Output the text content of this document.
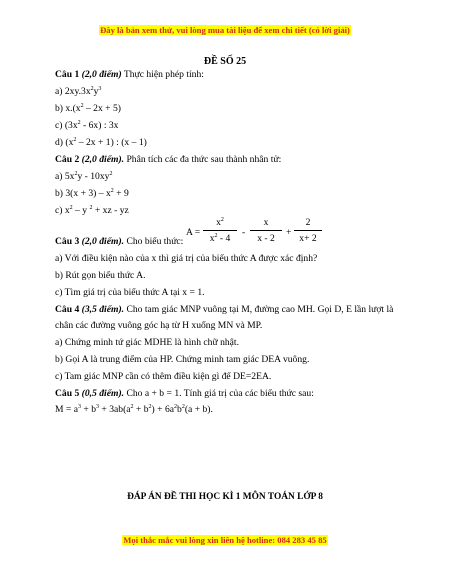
Đây là bản xem thử, vui lòng mua tài liệu để xem chi tiết (có lời giải)
ĐỀ SỐ 25
Câu 1 (2,0 điểm) Thực hiện phép tính:
a) $2xy.3x^2y^3$
b) $x.(x^2 - 2x + 5)$
c) $(3x^2 - 6x)$ : 3x
d) $(x^2 - 2x + 1)$ : (x – 1)
Câu 2 (2,0 điểm). Phân tích các đa thức sau thành nhân tử:
a) $5x^2y - 10xy^2$
b) $3(x + 3) - x^2 + 9$
c) $x^2$ – y $^2$ + xz - yz
A =
$x^2$
$x^2 - 4$
-
x
x - 2
+
2
x+ 2
Câu 3 (2,0 điểm). Cho biểu thức:
a) Với điều kiện nào của x thì giá trị của biểu thức A được xác định?
b) Rút gọn biểu thức A.
c) Tìm giá trị của biểu thức A tại x = 1.
Câu 4 (3,5 điểm). Cho tam giác MNP vuông tại M, đường cao MH. Gọi D, E lần lượt là chân các đường vuông góc hạ từ H xuống MN và MP.
a) Chứng minh tứ giác MDHE là hình chữ nhật.
b) Gọi A là trung điểm của HP. Chứng minh tam giác DEA vuông.
c) Tam giác MNP cần có thêm điều kiện gì để DE=2EA.
Câu 5 (0,5 điểm). Cho a + b = 1. Tính giá trị của các biểu thức sau:
$M = a^3 + b^3 + 3ab(a^2 + b^2) + 6a^2b^2(a + b)$.
ĐÁP ÁN ĐỀ THI HỌC KÌ 1 MÔN TOÁN LỚP 8
Mọi thắc mắc vui lòng xin liên hệ hotline: 084 283 45 85
